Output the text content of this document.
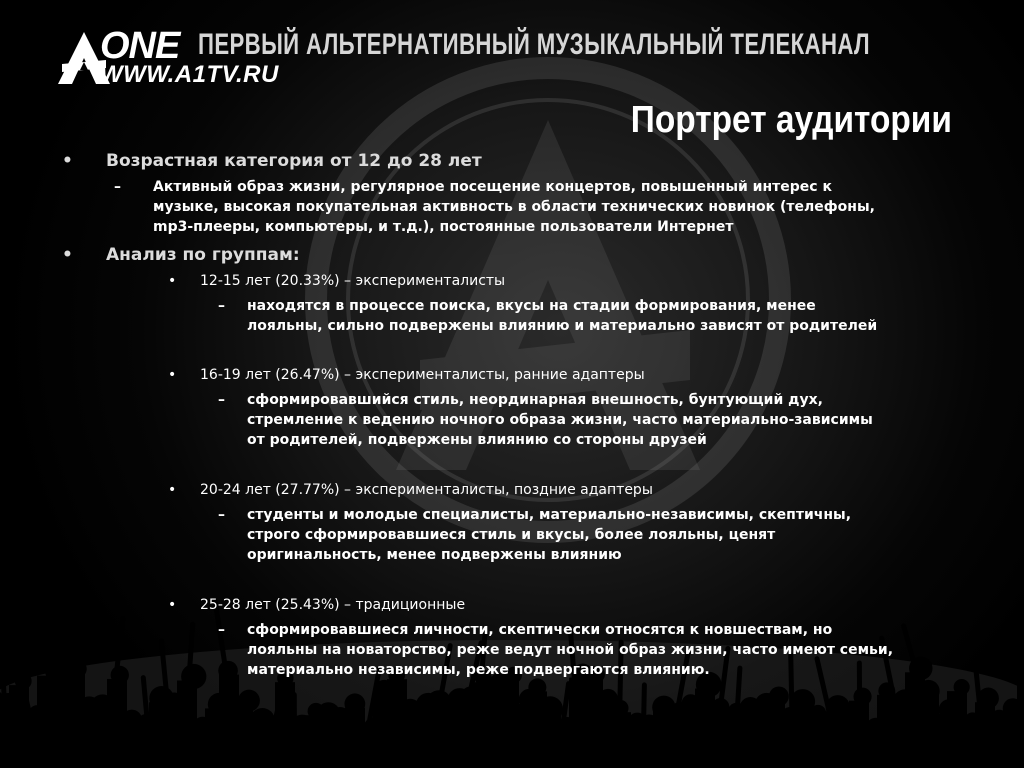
ONE
WWW.A1TV.RU
ПЕРВЫЙ АЛЬТЕРНАТИВНЫЙ МУЗЫКАЛЬНЫЙ ТЕЛЕКАНАЛ
Портрет аудитории
• Возрастная категория от 12 до 28 лет
– Активный образ жизни, регулярное посещение концертов, повышенный интерес к
музыке, высокая покупательная активность в области технических новинок (телефоны,
mp3-плееры, компьютеры, и т.д.), постоянные пользователи Интернет
• Анализ по группам:
• 12-15 лет (20.33%) – эксперименталисты
– находятся в процессе поиска, вкусы на стадии формирования, менее
лояльны, сильно подвержены влиянию и материально зависят от родителей
• 16-19 лет (26.47%) – эксперименталисты, ранние адаптеры
– сформировавшийся стиль, неординарная внешность, бунтующий дух,
стремление к ведению ночного образа жизни, часто материально-зависимы
от родителей, подвержены влиянию со стороны друзей
• 20-24 лет (27.77%) – эксперименталисты, поздние адаптеры
– студенты и молодые специалисты, материально-независимы, скептичны,
строго сформировавшиеся стиль и вкусы, более лояльны, ценят
оригинальность, менее подвержены влиянию
• 25-28 лет (25.43%) – традиционные
– сформировавшиеся личности, скептически относятся к новшествам, но
лояльны на новаторство, реже ведут ночной образ жизни, часто имеют семьи,
материально независимы, реже подвергаются влиянию.
